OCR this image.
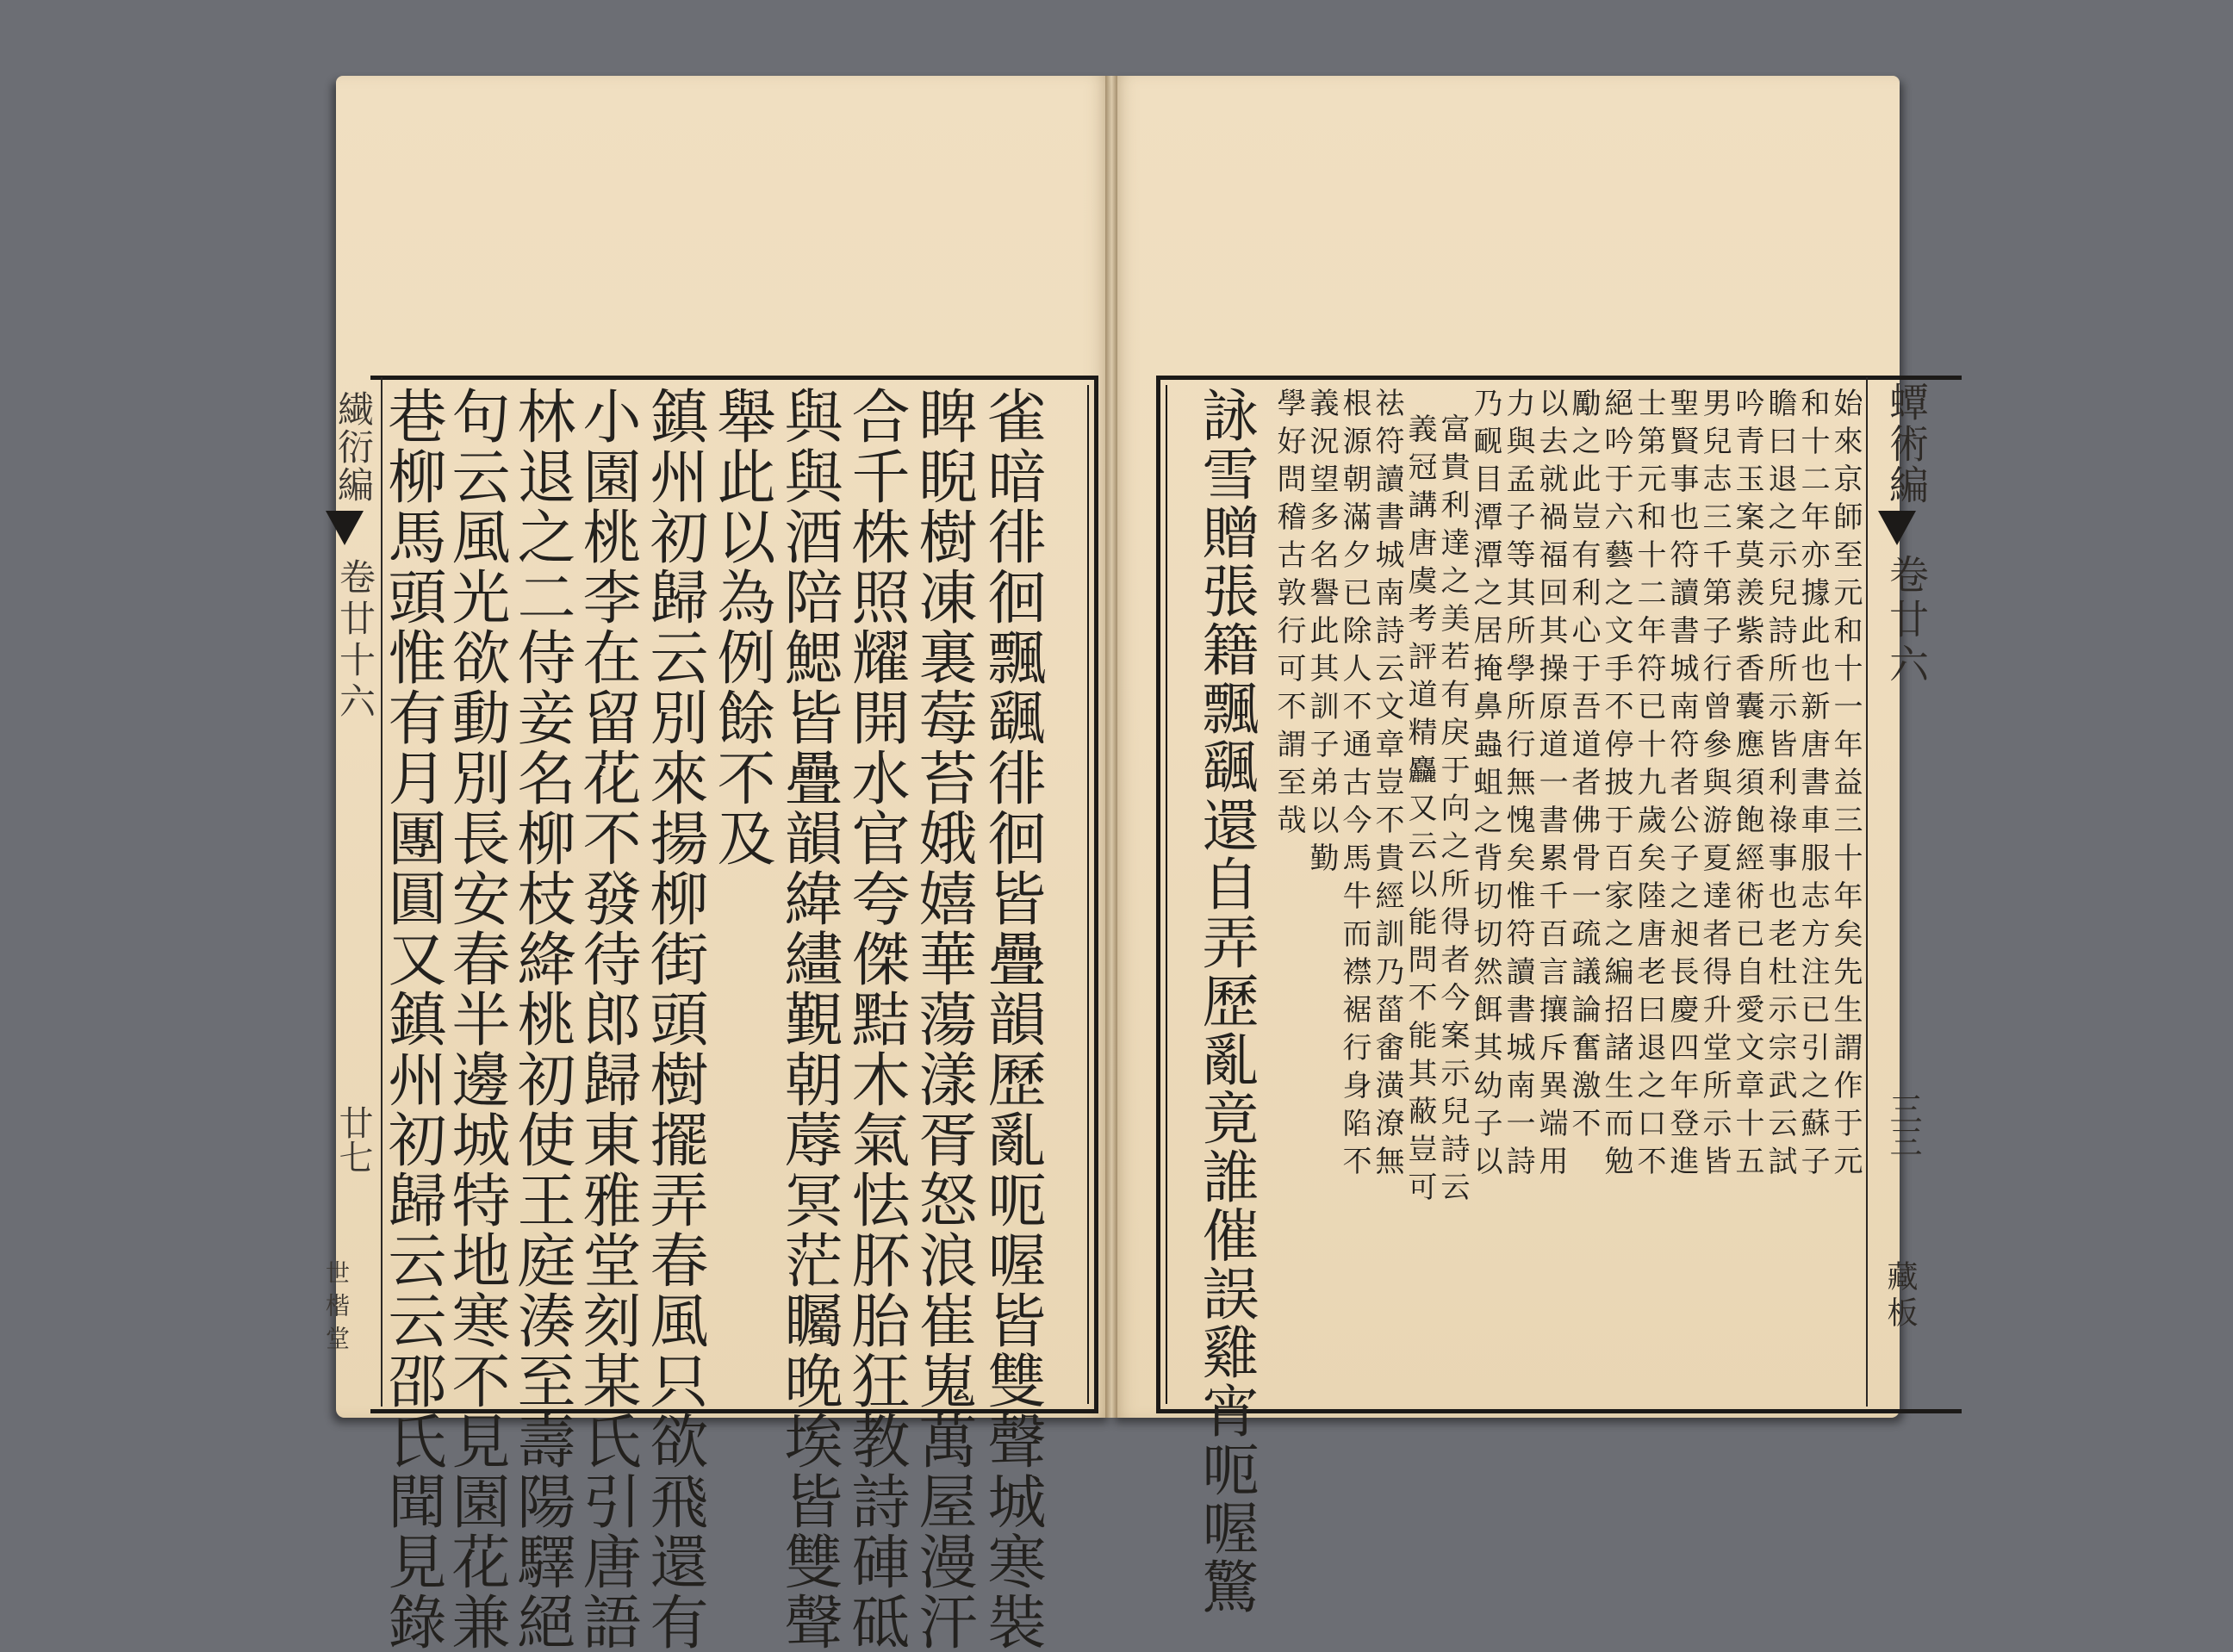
繊衍編
卷廿十六
廿七
世楷堂	雀暗徘徊飄颻徘徊皆疊韻歷亂呃喔皆雙聲城寒裝
睥睨樹凍裏莓苔娥嬉華蕩漾胥怒浪崔嵬萬屋漫汗
合千株照耀開水官夸傑黠木氣怯肧胎狂教詩硨砥
與與酒陪鰓皆疊韻緯繣覲朝蓐冥茫矚晚埃皆雙聲
舉此以為例餘不及
鎮州初歸云別來揚柳街頭樹擺弄春風只欲飛還有
小園桃李在留花不發待郎歸東雅堂刻某氏引唐語
林退之二侍妾名柳枝絳桃初使王庭湊至壽陽驛絕
句云風光欲動別長安春半邊城特地寒不見園花兼
巷柳馬頭惟有月團圓又鎮州初歸云云邵氏聞見錄	蟫術編
卷廿六
三三
藏板
始來京師至元和十一年益三十年矣先生謂作于元
和十二年亦據此也新唐書車服志方注已引之蘇子
瞻曰退之示兒詩所示皆利祿事也老杜示宗武云試
吟青玉案莫羨紫香囊應須飽經術已自愛文章十五
男兒志三千第子行曾參與游夏達者得升堂所示皆
聖賢事也符讀書城南符者公子之昶長慶四年登進
士第元和十二年符已十九歲矣陸唐老曰退之口不
絕吟于六藝之文手不停披于百家之編招諸生而勉
勵之此豈有利心于吾道者佛骨一疏議論奮激不
以去就禍福回其操原道一書累千百言攘斥異端用
力與孟子等其所學所行無愧矣惟符讀書城南一詩
乃䩄目潭潭之居掩鼻蟲蛆之背切切然餌其幼子以
富貴利達之美若有戾于向之所得者今案示兒詩云
義冠講唐虞考評道精麤又云以能問不能其蔽豈可
祛符讀書城南詩云文章豈不貴經訓乃菑畬潢潦無
根源朝滿夕已除人不通古今馬牛而襟裾行身陷不
義況望多名譽此其訓子弟以勤
學好問稽古敦行可不謂至哉
詠雪贈張籍飄颻還自弄歷亂竟誰催誤雞宵呃喔驚
